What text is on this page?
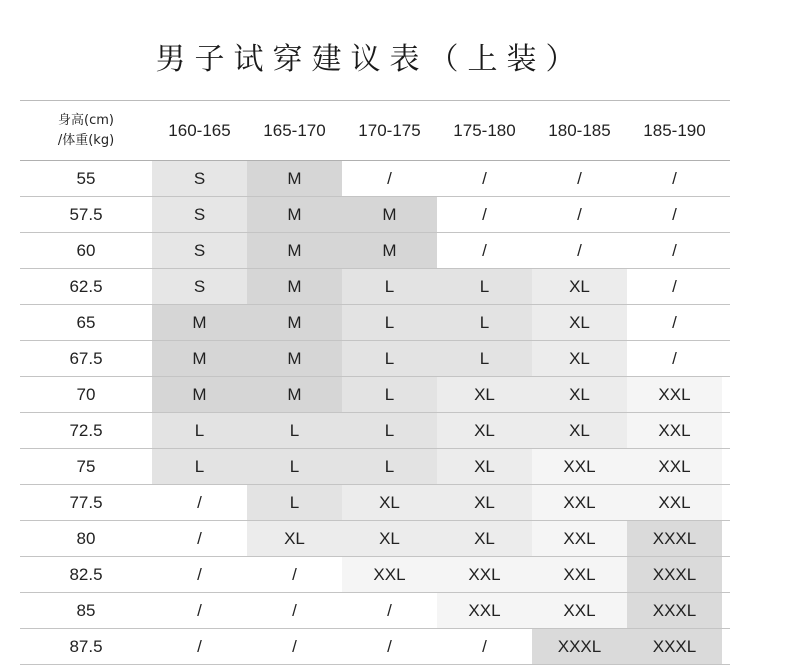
男子试穿建议表（上装）
身高(cm)
/体重(kg)	160-165	165-170	170-175	175-180	180-185	185-190	
55	S	M	/	/	/	/	
57.5	S	M	M	/	/	/	
60	S	M	M	/	/	/	
62.5	S	M	L	L	XL	/	
65	M	M	L	L	XL	/	
67.5	M	M	L	L	XL	/	
70	M	M	L	XL	XL	XXL	
72.5	L	L	L	XL	XL	XXL	
75	L	L	L	XL	XXL	XXL	
77.5	/	L	XL	XL	XXL	XXL	
80	/	XL	XL	XL	XXL	XXXL	
82.5	/	/	XXL	XXL	XXL	XXXL	
85	/	/	/	XXL	XXL	XXXL	
87.5	/	/	/	/	XXXL	XXXL	
